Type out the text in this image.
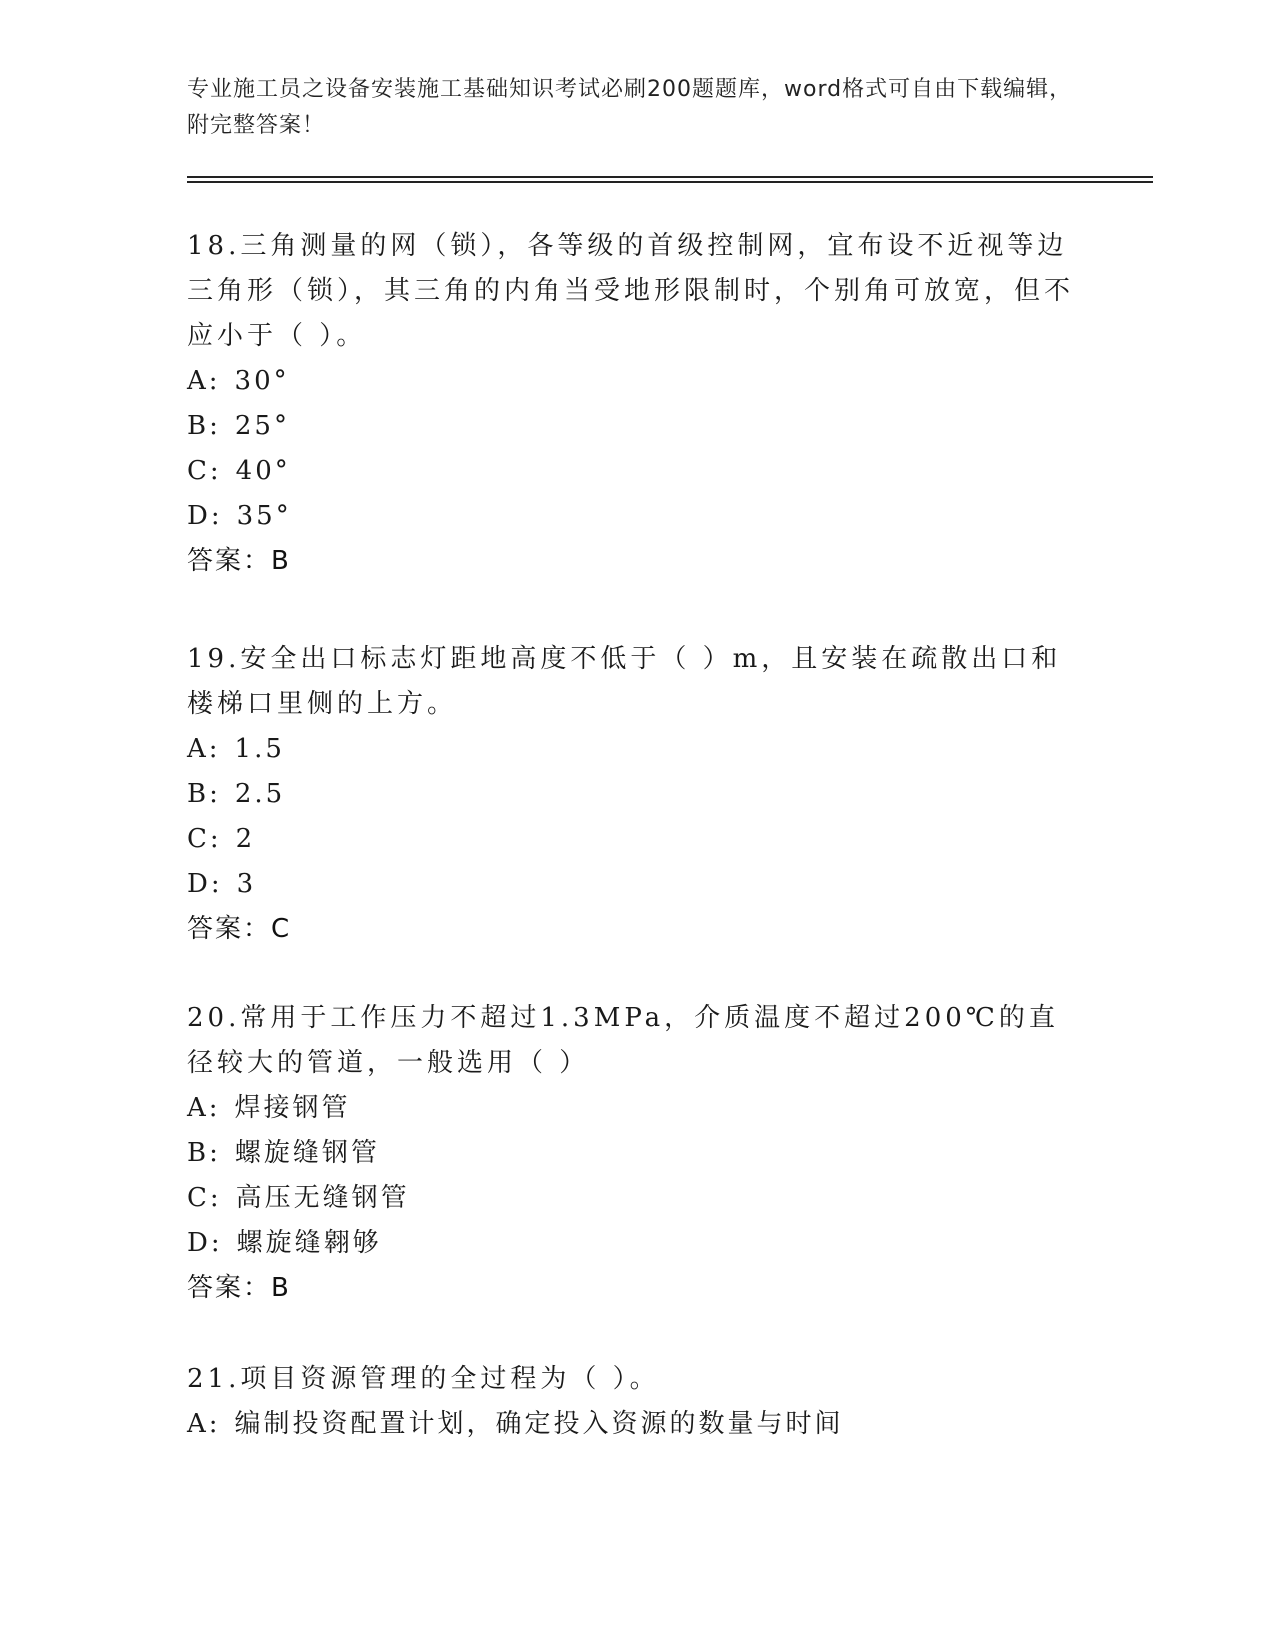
专业施工员之设备安装施工基础知识考试必刷200题题库，word格式可自由下载编辑，附完整答案！

18.三角测量的网（锁），各等级的首级控制网，宜布设不近视等边三角形（锁），其三角的内角当受地形限制时，个别角可放宽，但不应小于（ ）。

A: 30°

B: 25°

C: 40°

D: 35°

答案：B

19.安全出口标志灯距地高度不低于（ ）m，且安装在疏散出口和楼梯口里侧的上方。

A: 1.5

B: 2.5

C: 2

D: 3

答案：C

20.常用于工作压力不超过1.3MPa，介质温度不超过200℃的直径较大的管道，一般选用（ ）

A: 焊接钢管

B: 螺旋缝钢管

C: 高压无缝钢管

D: 螺旋缝翱够

答案：B

21.项目资源管理的全过程为（ ）。

A: 编制投资配置计划，确定投入资源的数量与时间
